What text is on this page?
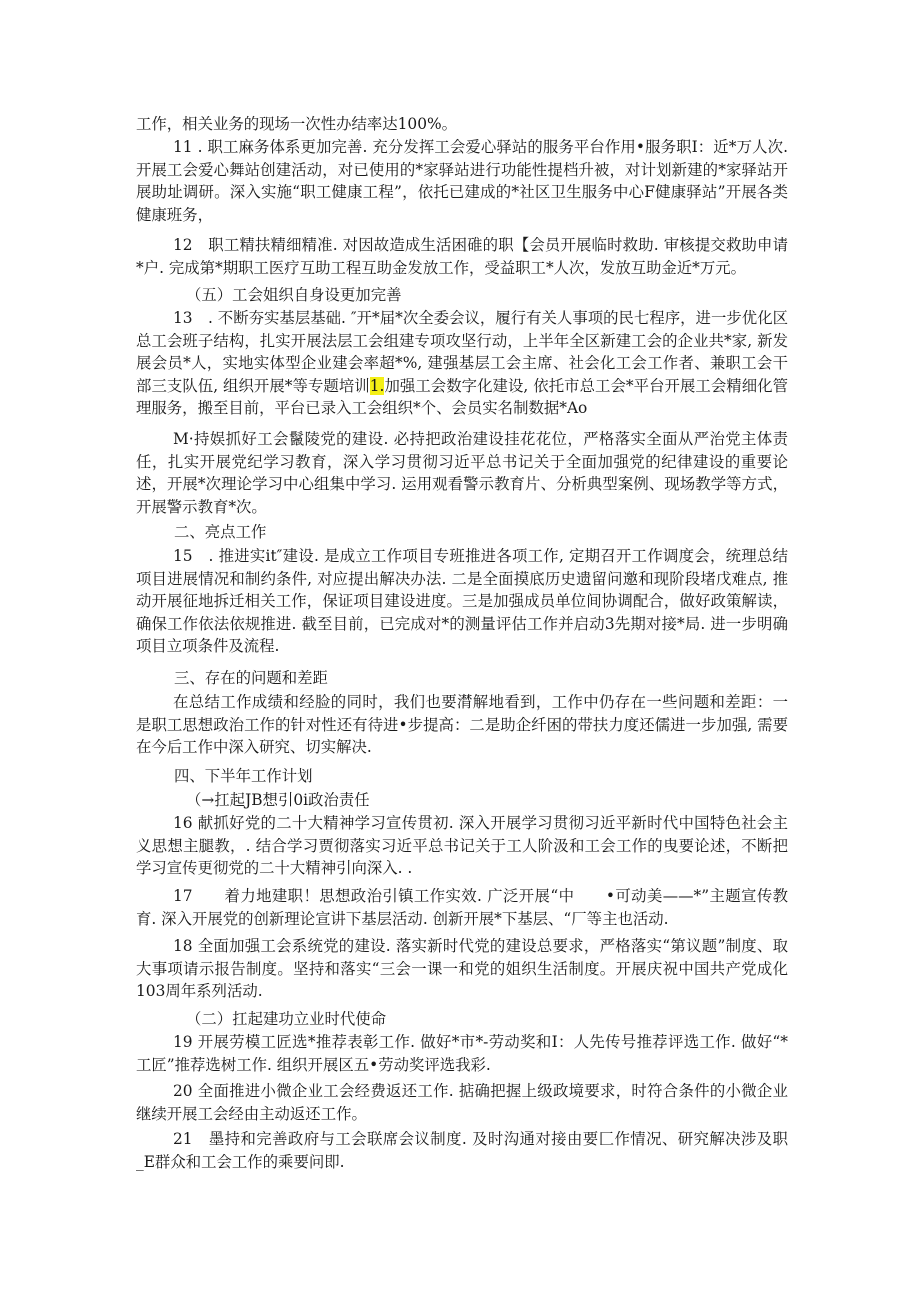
工作，相关业务的现场一次性办结率达100%。

11 . 职工麻务体系更加完善. 充分发挥工会爱心驿站的服务平台作用•服务职I：近*万人次. 开展工会爱心舞站创建活动，对已使用的*家驿站进行功能性提档升被，对计划新建的*家驿站开展助址调研。深入实施“职工健康工程”，依托已建成的*社区卫生服务中心F健康驿站”开展各类健康班务，

12　职工精扶精细精准. 对因故造成生活困碓的职【会员开展临时救助. 审核提交救助申请*户. 完成第*期职工医疗互助工程互助金发放工作，受益职工*人次，发放互助金近*万元。

（五）工会姐织自身设更加完善

13　. 不断夯实基层基础. ″开*届*次全委会议，履行有关人事项的民七程序，进一步优化区总工会班子结构，扎实开展法层工会组建专项攻坚行动，上半年全区新建工会的企业共*家, 新发展会员*人，实地实体型企业建会率超*%, 建强基层工会主席、社会化工会工作者、兼职工会干部三支队伍, 组织开展*等专题培训1.加强工会数字化建设, 依托市总工会*平台开展工会精细化管理服务，搬至目前，平台已录入工会组织*个、会员实名制数据*Ao

M·持娱抓好工会鬣陵党的建设. 必持把政治建设挂花花位，严格落实全面从严治党主体责任，扎实开展党纪学习教育，深入学习贯彻习近平总书记关于全面加强党的纪律建设的重要论述，开展*次理论学习中心组集中学习. 运用观看警示教育片、分析典型案例、现场教学等方式，开展警示教育*次。

二、亮点工作

15　. 推进实it″建设. 是成立工作项目专班推进各项工作, 定期召开工作调度会，统理总结项目进展情况和制约条件, 对应提出解决办法. 二是全面摸底历史遗留问邀和现阶段堵戊难点, 推动开展征地拆迁相关工作，保证项目建设进度。三是加强成员单位间协调配合，做好政策解读，确保工作依法依规推进. 截至目前，已完成对*的测量评估工作并启动3先期对接*局. 进一步明确项目立项条件及流程.

三、存在的问题和差距

在总结工作成绩和经脸的同时，我们也要潸解地看到，工作中仍存在一些问题和差距：一是职工思想政治工作的针对性还有待进•步提高：二是助企纤困的带扶力度还儒进一步加强, 需要在今后工作中深入研究、切实解决.

四、下半年工作计划

（→扛起JB想引0i政治责任

16 献抓好党的二十大精神学习宣传贯初. 深入开展学习贯彻习近平新时代中国特色社会主义思想主腿教，. 结合学习贾彻落实习近平总书记关于工人阶汲和工会工作的曳要论述，不断把学习宣传更彻党的二十大精神引向深入. .

17　　着力地建职！思想政治引镇工作实效. 广泛开展“中　　•可动美——*”主题宣传教育. 深入开展党的创新理论宣讲下基层活动. 创新开展*下基层、“厂等主也活动.

18 全面加强工会系统党的建设. 落实新时代党的建设总要求，严格落实“第议题”制度、取大事项请示报告制度。坚持和落实“三会一课一和党的姐织生活制度。开展庆祝中国共产党成化103周年系列活动.

（二）扛起建功立业时代使命

19 开展劳模工匠选*推荐表彰工作. 做好*市*-劳动奖和I：人先传号推荐评选工作. 做好“*工匠”推荐选树工作. 组织开展区五•劳动奖评选我彩.

20 全面推进小微企业工会经费返还工作. 掂确把握上级政境要求，时符合条件的小微企业继续开展工会经由主动返还工作。

21　墨持和完善政府与工会联席会议制度. 及时沟通对接由要匚作情况、研究解决涉及职_E群众和工会工作的乘要问即.
